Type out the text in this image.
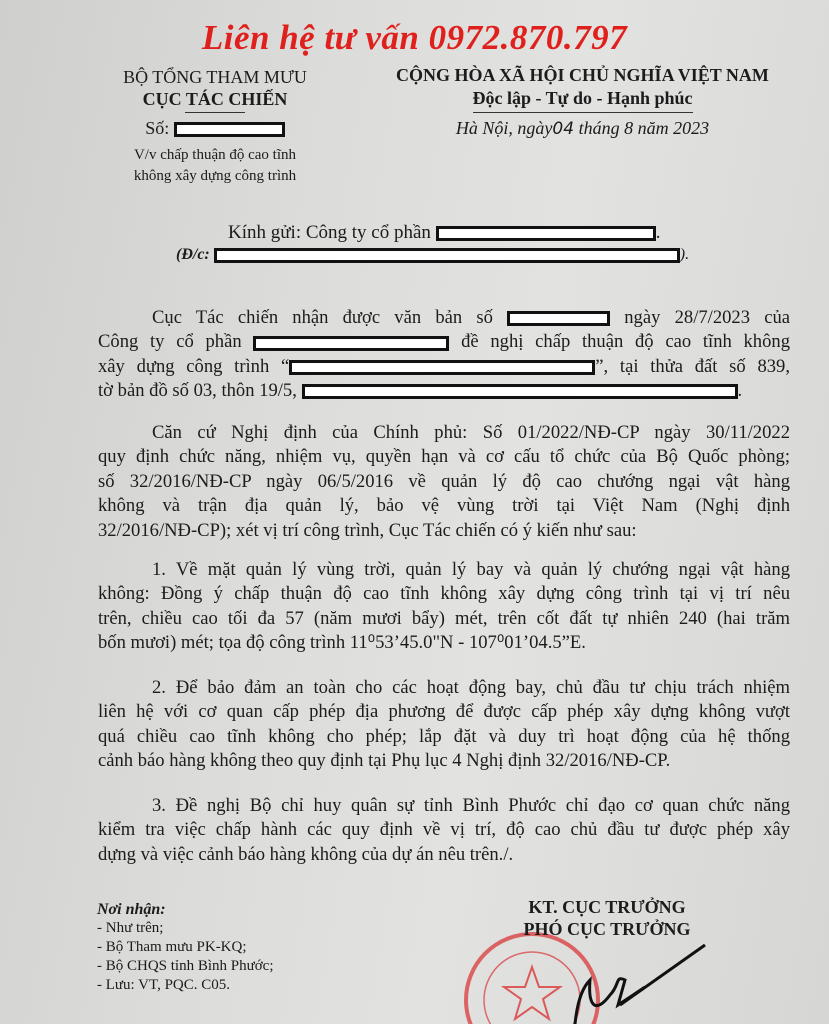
Liên hệ tư vấn 0972.870.797
BỘ TỔNG THAM MƯU
CỤC TÁC CHIẾN
Số:
V/v chấp thuận độ cao tĩnh
không xây dựng công trình
CỘNG HÒA XÃ HỘI CHỦ NGHĨA VIỆT NAM
Độc lập - Tự do - Hạnh phúc
Hà Nội, ngày04 tháng 8 năm 2023
Kính gửi: Công ty cổ phần	.
(Đ/c:	).
Cục Tác chiến nhận được văn bản số	ngày 28/7/2023 của
Công ty cổ phần	đề nghị chấp thuận độ cao tĩnh không
xây dựng công trình “	”, tại thửa đất số 839,
tờ bản đồ số 03, thôn 19/5,	.
Căn cứ Nghị định của Chính phủ: Số 01/2022/NĐ-CP ngày 30/11/2022
quy định chức năng, nhiệm vụ, quyền hạn và cơ cấu tổ chức của Bộ Quốc phòng;
số 32/2016/NĐ-CP ngày 06/5/2016 về quản lý độ cao chướng ngại vật hàng
không và trận địa quản lý, bảo vệ vùng trời tại Việt Nam (Nghị định
32/2016/NĐ-CP); xét vị trí công trình, Cục Tác chiến có ý kiến như sau:
1. Về mặt quản lý vùng trời, quản lý bay và quản lý chướng ngại vật hàng
không: Đồng ý chấp thuận độ cao tĩnh không xây dựng công trình tại vị trí nêu
trên, chiều cao tối đa 57 (năm mươi bẩy) mét, trên cốt đất tự nhiên 240 (hai trăm
bốn mươi) mét; tọa độ công trình 11⁰53’45.0"N - 107⁰01’04.5”E.
2. Để bảo đảm an toàn cho các hoạt động bay, chủ đầu tư chịu trách nhiệm
liên hệ với cơ quan cấp phép địa phương để được cấp phép xây dựng không vượt
quá chiều cao tĩnh không cho phép; lắp đặt và duy trì hoạt động của hệ thống
cảnh báo hàng không theo quy định tại Phụ lục 4 Nghị định 32/2016/NĐ-CP.
3. Đề nghị Bộ chỉ huy quân sự tỉnh Bình Phước chỉ đạo cơ quan chức năng
kiểm tra việc chấp hành các quy định về vị trí, độ cao chủ đầu tư được phép xây
dựng và việc cảnh báo hàng không của dự án nêu trên./.
Nơi nhận:
- Như trên;
- Bộ Tham mưu PK-KQ;
- Bộ CHQS tỉnh Bình Phước;
- Lưu: VT, PQC. C05.
KT. CỤC TRƯỞNG
PHÓ CỤC TRƯỞNG
